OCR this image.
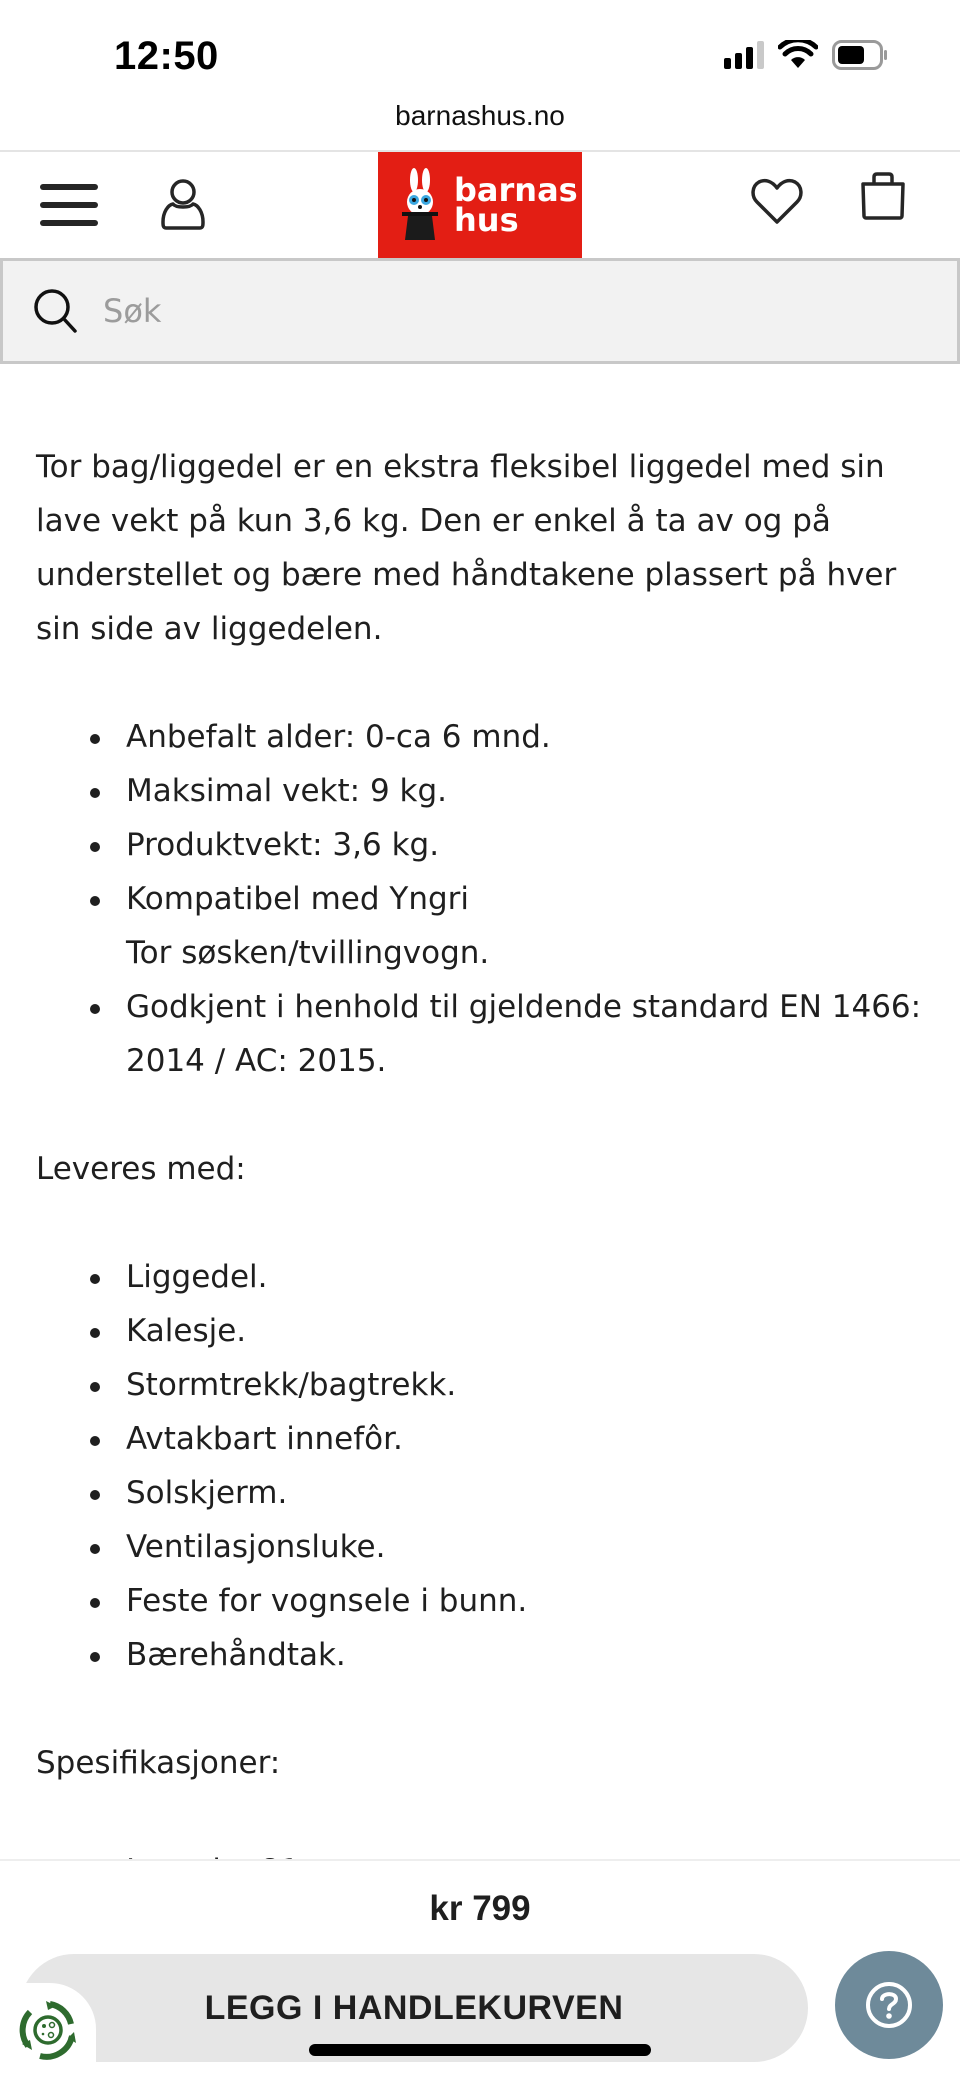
12:50
barnashus.no
barnas
hus
Søk

Tor bag/liggedel er en ekstra fleksibel liggedel med sin lave vekt på kun 3,6 kg. Den er enkel å ta av og på understellet og bære med håndtakene plassert på hver sin side av liggedelen.

Anbefalt alder: 0-ca 6 mnd.
Maksimal vekt: 9 kg.
Produktvekt: 3,6 kg.
Kompatibel med Yngri Tor søsken/tvillingvogn.
Godkjent i henhold til gjeldende standard EN 1466: 2014 / AC: 2015.

Leveres med:

Liggedel.
Kalesje.
Stormtrekk/bagtrekk.
Avtakbart innefôr.
Solskjerm.
Ventilasjonsluke.
Feste for vognsele i bunn.
Bærehåndtak.

Spesifikasjoner:

kr 799
LEGG I HANDLEKURVEN
